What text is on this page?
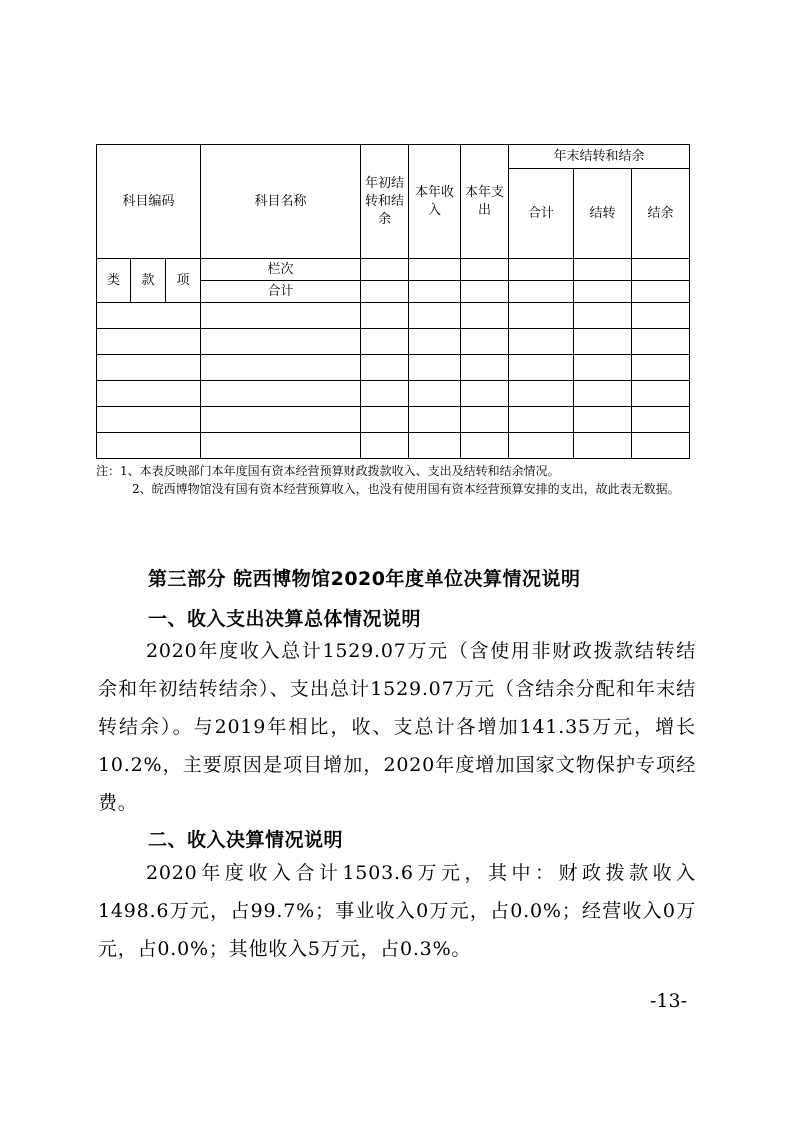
科目编码			科目名称	年初结转和结余	本年收入	本年支出	年末结转和结余		
							合计	结转	结余
类	款	项	栏次						
			合计						

注：1、本表反映部门本年度国有资本经营预算财政拨款收入、支出及结转和结余情况。
2、皖西博物馆没有国有资本经营预算收入，也没有使用国有资本经营预算安排的支出，故此表无数据。
第三部分 皖西博物馆2020年度单位决算情况说明
一、收入支出决算总体情况说明
2020年度收入总计1529.07万元（含使用非财政拨款结转结余和年初结转结余）、支出总计1529.07万元（含结余分配和年末结转结余）。与2019年相比，收、支总计各增加141.35万元，增长10.2%，主要原因是项目增加，2020年度增加国家文物保护专项经费。
二、收入决算情况说明
2020年度收入合计1503.6万元，其中：财政拨款收入1498.6万元，占99.7%；事业收入0万元，占0.0%；经营收入0万元，占0.0%；其他收入5万元，占0.3%。
-13-
